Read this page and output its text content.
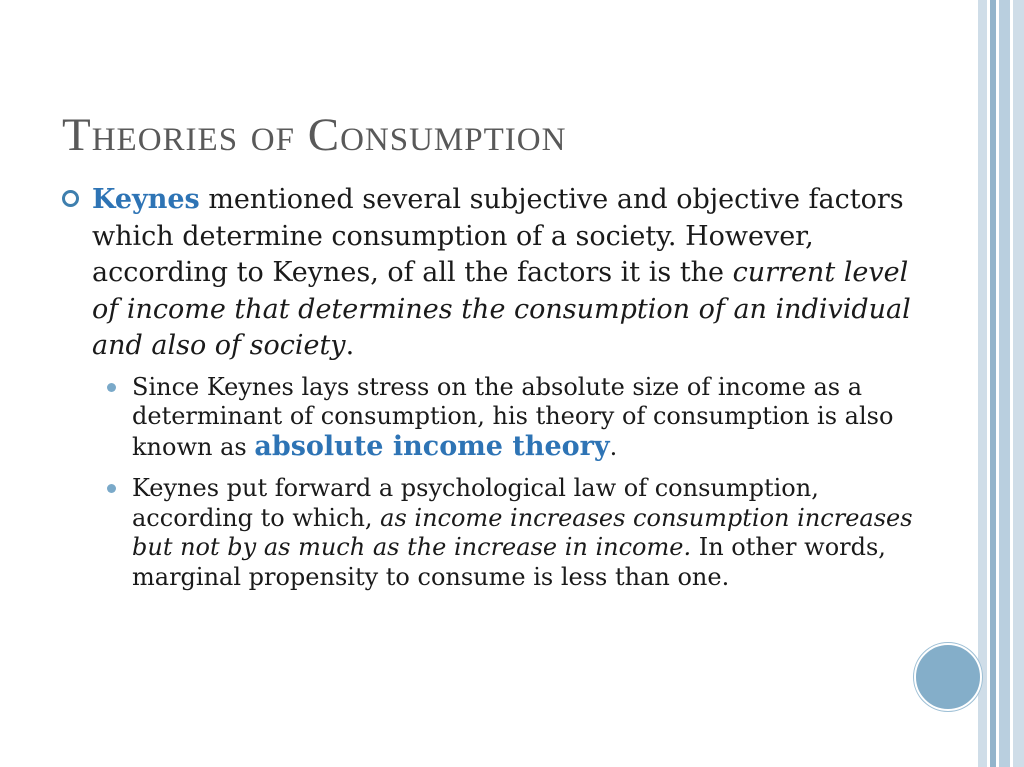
Theories of Consumption
Keynes mentioned several subjective and objective factors which determine consumption of a society. However, according to Keynes, of all the factors it is the current level of income that determines the consumption of an individual and also of society.
Since Keynes lays stress on the absolute size of income as a determinant of consumption, his theory of consumption is also known as absolute income theory.
Keynes put forward a psychological law of consumption, according to which, as income increases consumption increases but not by as much as the increase in income. In other words, marginal propensity to consume is less than one.
